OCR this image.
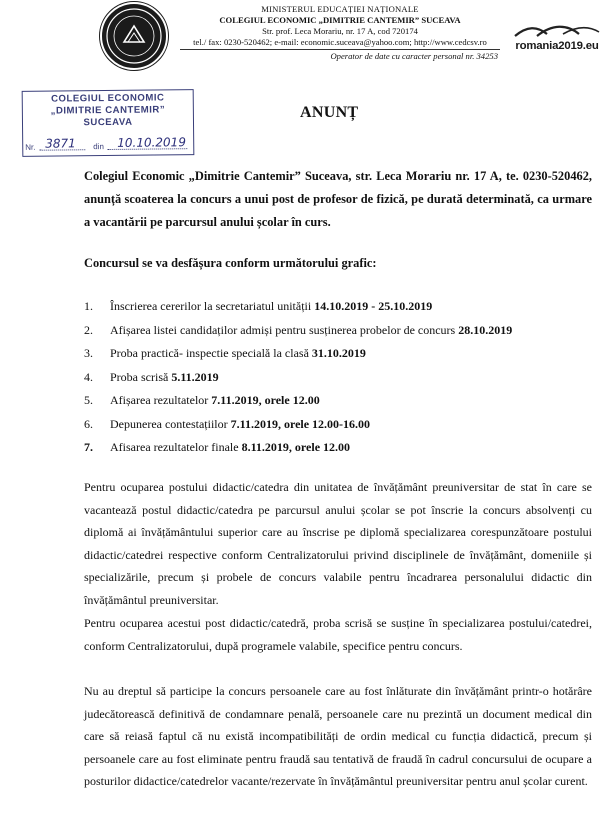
MINISTERUL EDUCAȚIEI NAȚIONALE
COLEGIUL ECONOMIC „DIMITRIE CANTEMIR” SUCEAVA
Str. prof. Leca Morariu, nr. 17 A, cod 720174
tel./ fax: 0230-520462; e-mail: economic.suceava@yahoo.com; http://www.cedcsv.ro
Operator de date cu caracter personal nr. 34253
romania2019.eu
COLEGIUL ECONOMIC
„DIMITRIE CANTEMIR”
SUCEAVA
Nr. 3871 din 10.10.2019
ANUNȚ
Colegiul Economic „Dimitrie Cantemir” Suceava, str. Leca Morariu nr. 17 A, te. 0230-520462, anunță scoaterea la concurs a unui post de profesor de fizică, pe durată determinată, ca urmare a vacantării pe parcursul anului școlar în curs.
Concursul se va desfășura conform următorului grafic:
1. Înscrierea cererilor la secretariatul unității 14.10.2019 - 25.10.2019
2. Afișarea listei candidaților admiși pentru susținerea probelor de concurs 28.10.2019
3. Proba practică- inspectie specială la clasă 31.10.2019
4. Proba scrisă 5.11.2019
5. Afișarea rezultatelor 7.11.2019, orele 12.00
6. Depunerea contestațiilor 7.11.2019, orele 12.00-16.00
7. Afisarea rezultatelor finale 8.11.2019, orele 12.00
Pentru ocuparea postului didactic/catedra din unitatea de învățământ preuniversitar de stat în care se vacantează postul didactic/catedra pe parcursul anului școlar se pot înscrie la concurs absolvenți cu diplomă ai învățământului superior care au înscrise pe diplomă specializarea corespunzătoare postului didactic/catedrei respective conform Centralizatorului privind disciplinele de învățământ, domeniile și specializările, precum și probele de concurs valabile pentru încadrarea personalului didactic din învățământul preuniversitar.
Pentru ocuparea acestui post didactic/catedră, proba scrisă se susține în specializarea postului/catedrei, conform Centralizatorului, după programele valabile, specifice pentru concurs.
Nu au dreptul să participe la concurs persoanele care au fost înlăturate din învățământ printr-o hotărâre judecătorească definitivă de condamnare penală, persoanele care nu prezintă un document medical din care să reiasă faptul că nu există incompatibilități de ordin medical cu funcția didactică, precum și persoanele care au fost eliminate pentru fraudă sau tentativă de fraudă în cadrul concursului de ocupare a posturilor didactice/catedrelor vacante/rezervate în învățământul preuniversitar pentru anul școlar curent.
